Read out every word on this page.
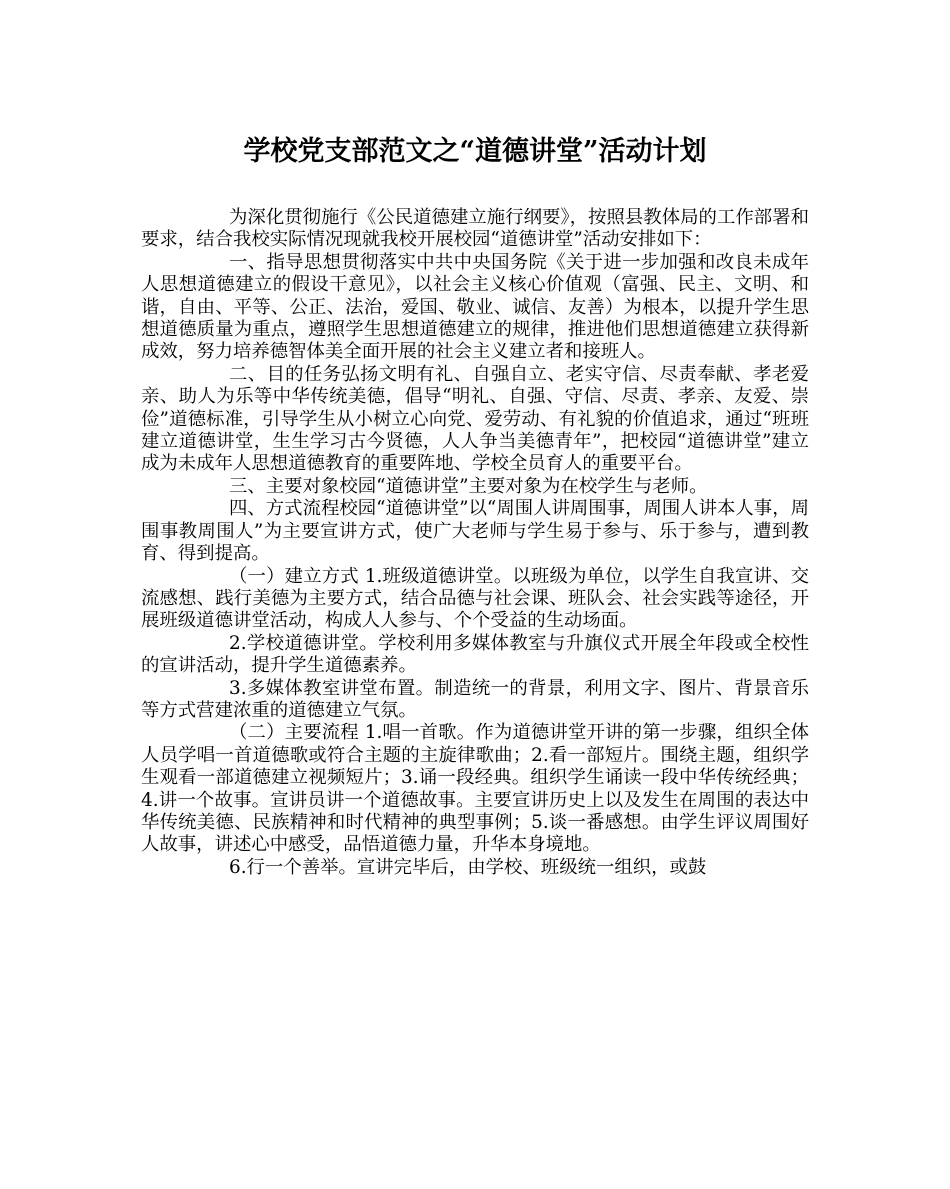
学校党支部范文之“道德讲堂”活动计划

为深化贯彻施行《公民道德建立施行纲要》，按照县教体局的工作部署和要求，结合我校实际情况现就我校开展校园“道德讲堂”活动安排如下：

一、指导思想贯彻落实中共中央国务院《关于进一步加强和改良未成年人思想道德建立的假设干意见》，以社会主义核心价值观（富强、民主、文明、和谐，自由、平等、公正、法治，爱国、敬业、诚信、友善）为根本，以提升学生思想道德质量为重点，遵照学生思想道德建立的规律，推进他们思想道德建立获得新成效，努力培养德智体美全面开展的社会主义建立者和接班人。

二、目的任务弘扬文明有礼、自强自立、老实守信、尽责奉献、孝老爱亲、助人为乐等中华传统美德，倡导“明礼、自强、守信、尽责、孝亲、友爱、崇俭”道德标准，引导学生从小树立心向党、爱劳动、有礼貌的价值追求，通过“班班建立道德讲堂，生生学习古今贤德，人人争当美德青年”，把校园“道德讲堂”建立成为未成年人思想道德教育的重要阵地、学校全员育人的重要平台。

三、主要对象校园“道德讲堂”主要对象为在校学生与老师。

四、方式流程校园“道德讲堂”以“周围人讲周围事，周围人讲本人事，周围事教周围人”为主要宣讲方式，使广大老师与学生易于参与、乐于参与，遭到教育、得到提高。

（一）建立方式 1.班级道德讲堂。以班级为单位，以学生自我宣讲、交流感想、践行美德为主要方式，结合品德与社会课、班队会、社会实践等途径，开展班级道德讲堂活动，构成人人参与、个个受益的生动场面。

2.学校道德讲堂。学校利用多媒体教室与升旗仪式开展全年段或全校性的宣讲活动，提升学生道德素养。

3.多媒体教室讲堂布置。制造统一的背景，利用文字、图片、背景音乐等方式营建浓重的道德建立气氛。

（二）主要流程 1.唱一首歌。作为道德讲堂开讲的第一步骤，组织全体人员学唱一首道德歌或符合主题的主旋律歌曲；2.看一部短片。围绕主题，组织学生观看一部道德建立视频短片；3.诵一段经典。组织学生诵读一段中华传统经典；4.讲一个故事。宣讲员讲一个道德故事。主要宣讲历史上以及发生在周围的表达中华传统美德、民族精神和时代精神的典型事例；5.谈一番感想。由学生评议周围好人故事，讲述心中感受，品悟道德力量，升华本身境地。

6.行一个善举。宣讲完毕后，由学校、班级统一组织，或鼓
